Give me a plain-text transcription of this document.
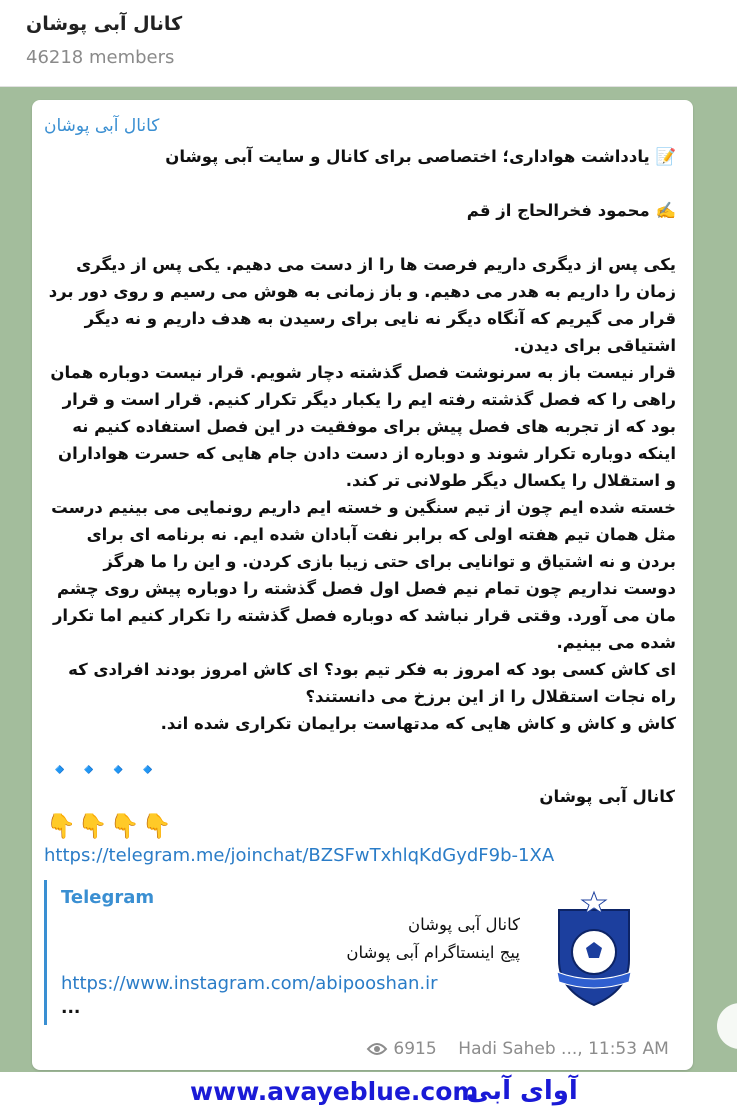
کانال آبی پوشان
46218 members
کانال آبی پوشان
📝 یادداشت هواداری؛ اختصاصی برای کانال و سایت آبی پوشان

✍️ محمود فخرالحاج از قم

یکی پس از دیگری داریم فرصت ها را از دست می دهیم. یکی پس از دیگری زمان را داریم به هدر می دهیم. و باز زمانی به هوش می رسیم و روی دور برد قرار می گیریم که آنگاه دیگر نه نایی برای رسیدن به هدف داریم و نه دیگر اشتیاقی برای دیدن.
قرار نیست باز به سرنوشت فصل گذشته دچار شویم. قرار نیست دوباره همان راهی را که فصل گذشته رفته ایم را یکبار دیگر تکرار کنیم. قرار است و قرار بود که از تجربه های فصل پیش برای موفقیت در این فصل استفاده کنیم نه اینکه دوباره تکرار شوند و دوباره از دست دادن جام هایی که حسرت هواداران و استقلال را یکسال دیگر طولانی تر کند.
خسته شده ایم چون از تیم سنگین و خسته ایم داریم رونمایی می بینیم درست مثل همان تیم هفته اولی که برابر نفت آبادان شده ایم. نه برنامه ای برای بردن و نه اشتیاق و توانایی برای حتی زیبا بازی کردن. و این را ما هرگز دوست نداریم چون تمام نیم فصل اول فصل گذشته را دوباره پیش روی چشم مان می آورد. وقتی قرار نباشد که دوباره فصل گذشته را تکرار کنیم اما تکرار شده می بینیم.
ای کاش کسی بود که امروز به فکر تیم بود؟ ای کاش امروز بودند افرادی که راه نجات استقلال را از این برزخ می دانستند؟
کاش و کاش و کاش هایی که مدتهاست برایمان تکراری شده اند.
🔹🔹🔹🔹
کانال آبی پوشان
👇👇👇👇
https://telegram.me/joinchat/BZSFwTxhlqKdGydF9b-1XA
Telegram
کانال آبی پوشان
پیج اینستاگرام آبی پوشان
https://www.instagram.com/abipooshan.ir
...
6915 Hadi Saheb ..., 11:53 AM
آوای آبی
www.avayeblue.com
